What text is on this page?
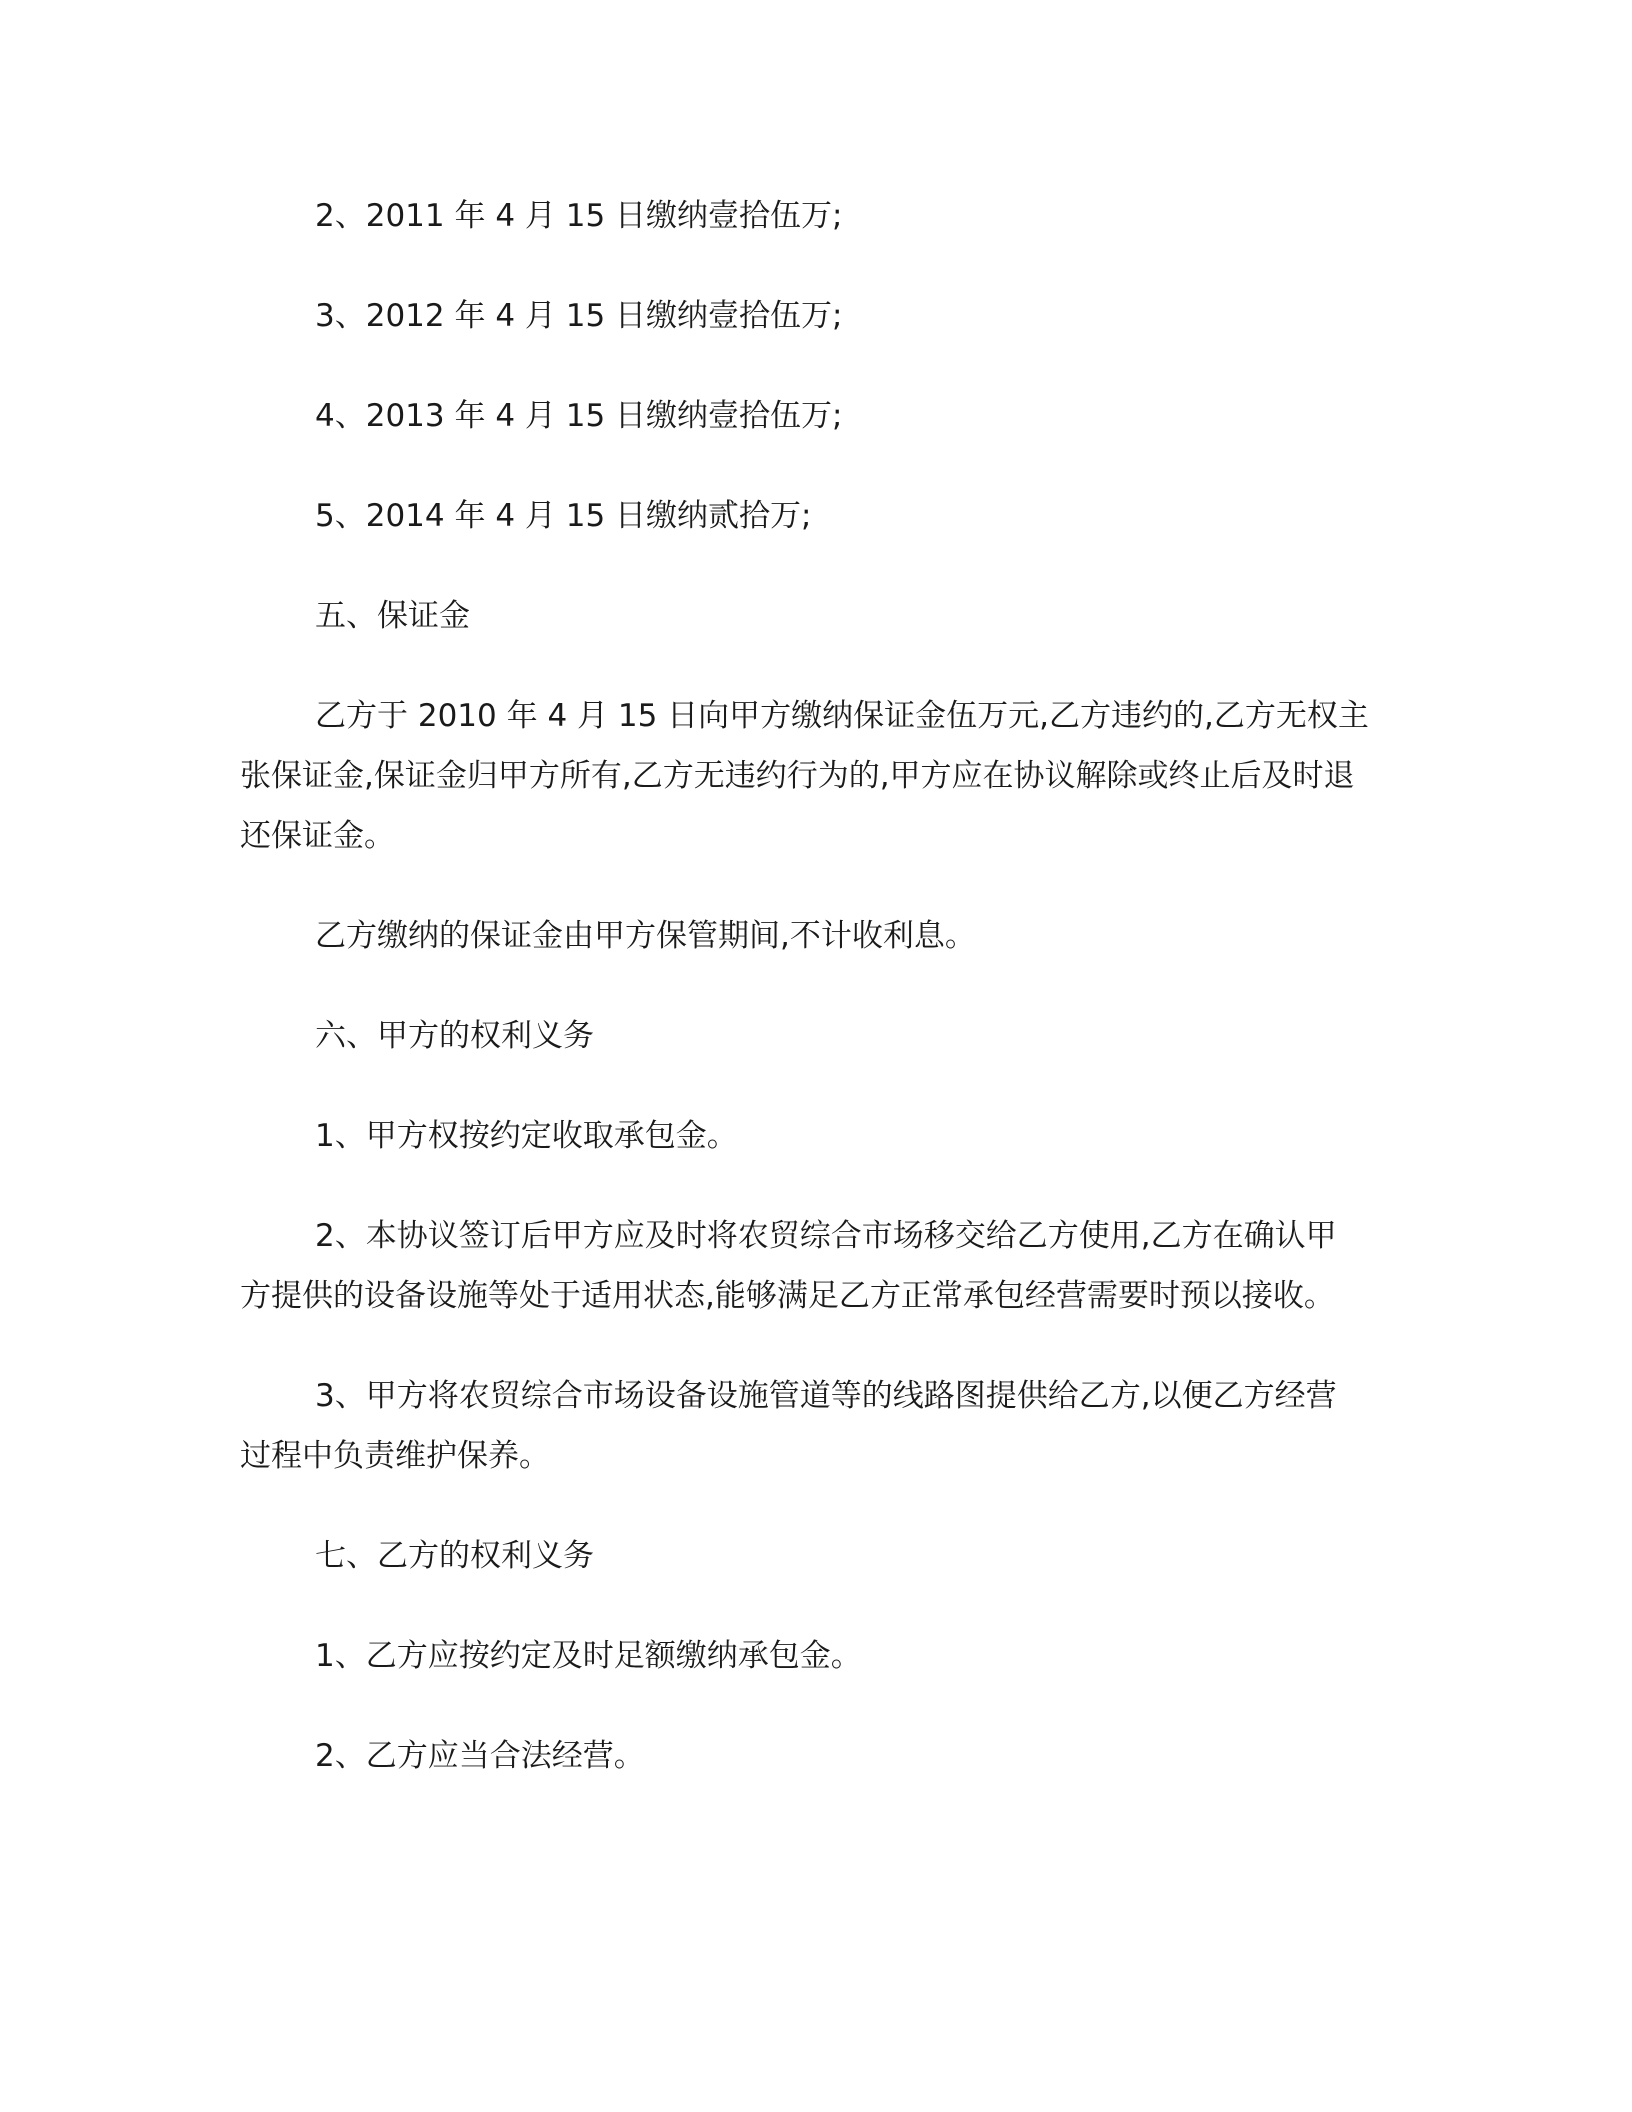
2、2011 年 4 月 15 日缴纳壹拾伍万;

3、2012 年 4 月 15 日缴纳壹拾伍万;

4、2013 年 4 月 15 日缴纳壹拾伍万;

5、2014 年 4 月 15 日缴纳贰拾万;

五、保证金

乙方于 2010 年 4 月 15 日向甲方缴纳保证金伍万元,乙方违约的,乙方无权主
张保证金,保证金归甲方所有,乙方无违约行为的,甲方应在协议解除或终止后及时退
还保证金。

乙方缴纳的保证金由甲方保管期间,不计收利息。

六、甲方的权利义务

1、甲方权按约定收取承包金。

2、本协议签订后甲方应及时将农贸综合市场移交给乙方使用,乙方在确认甲
方提供的设备设施等处于适用状态,能够满足乙方正常承包经营需要时预以接收。

3、甲方将农贸综合市场设备设施管道等的线路图提供给乙方,以便乙方经营
过程中负责维护保养。

七、乙方的权利义务

1、乙方应按约定及时足额缴纳承包金。

2、乙方应当合法经营。
